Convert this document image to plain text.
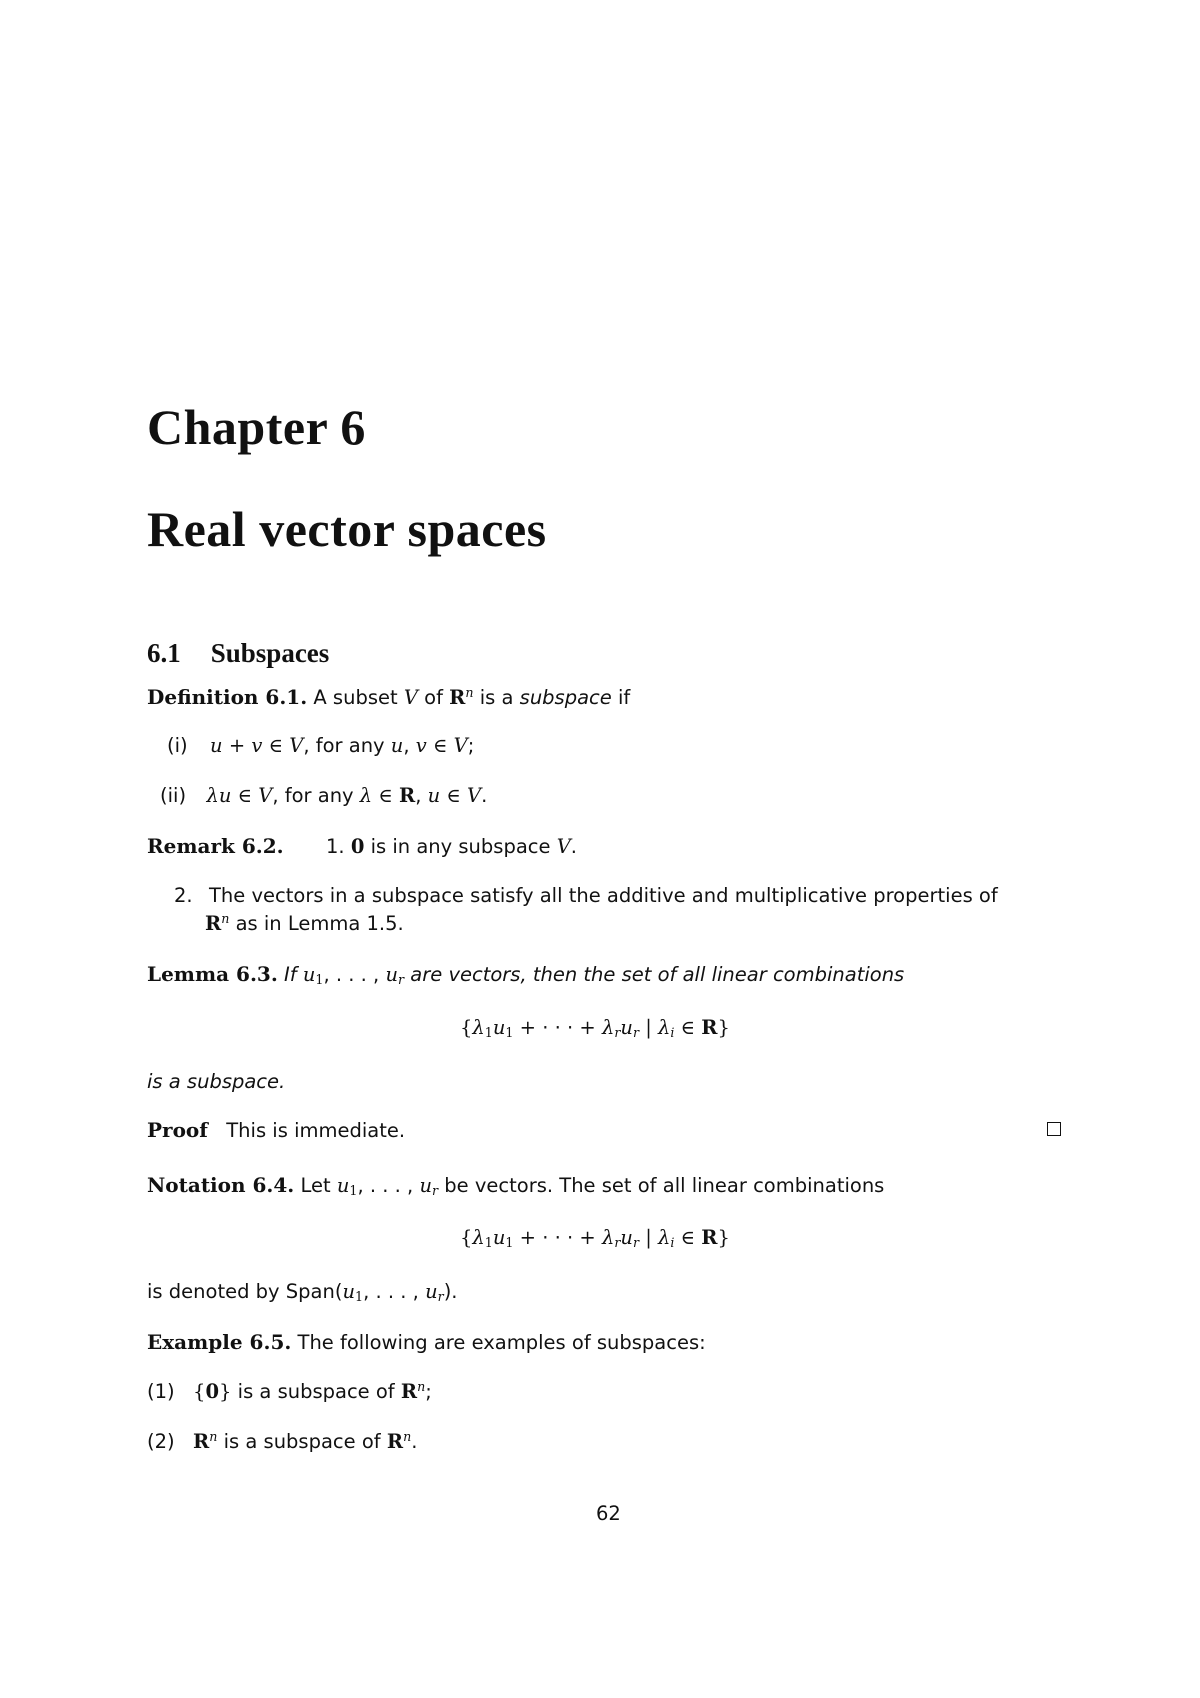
Chapter 6
Real vector spaces
6.1 Subspaces
Definition 6.1. A subset V of $R^n$ is a subspace if
(i) u + v ∈ V, for any u, v ∈ V;
(ii) λu ∈ V, for any λ ∈ R, u ∈ V.
Remark 6.2. 1. 0 is in any subspace V.
2. The vectors in a subspace satisfy all the additive and multiplicative properties of
$R^n$ as in Lemma 1.5.
Lemma 6.3. If $u_1$, . . . , $u_r$ are vectors, then the set of all linear combinations
{$\lambda_1u_1$ + · · · + $\lambda_ru_r$ | $\lambda_i$ ∈ R}
is a subspace.
Proof This is immediate.
Notation 6.4. Let $u_1$, . . . , $u_r$ be vectors. The set of all linear combinations
{$\lambda_1u_1$ + · · · + $\lambda_ru_r$ | $\lambda_i$ ∈ R}
is denoted by $Span(u_1$, . . . , $u_r$).
Example 6.5. The following are examples of subspaces:
(1) {0} is a subspace of $R^n$;
(2) $R^n$ is a subspace of $R^n$.
62
